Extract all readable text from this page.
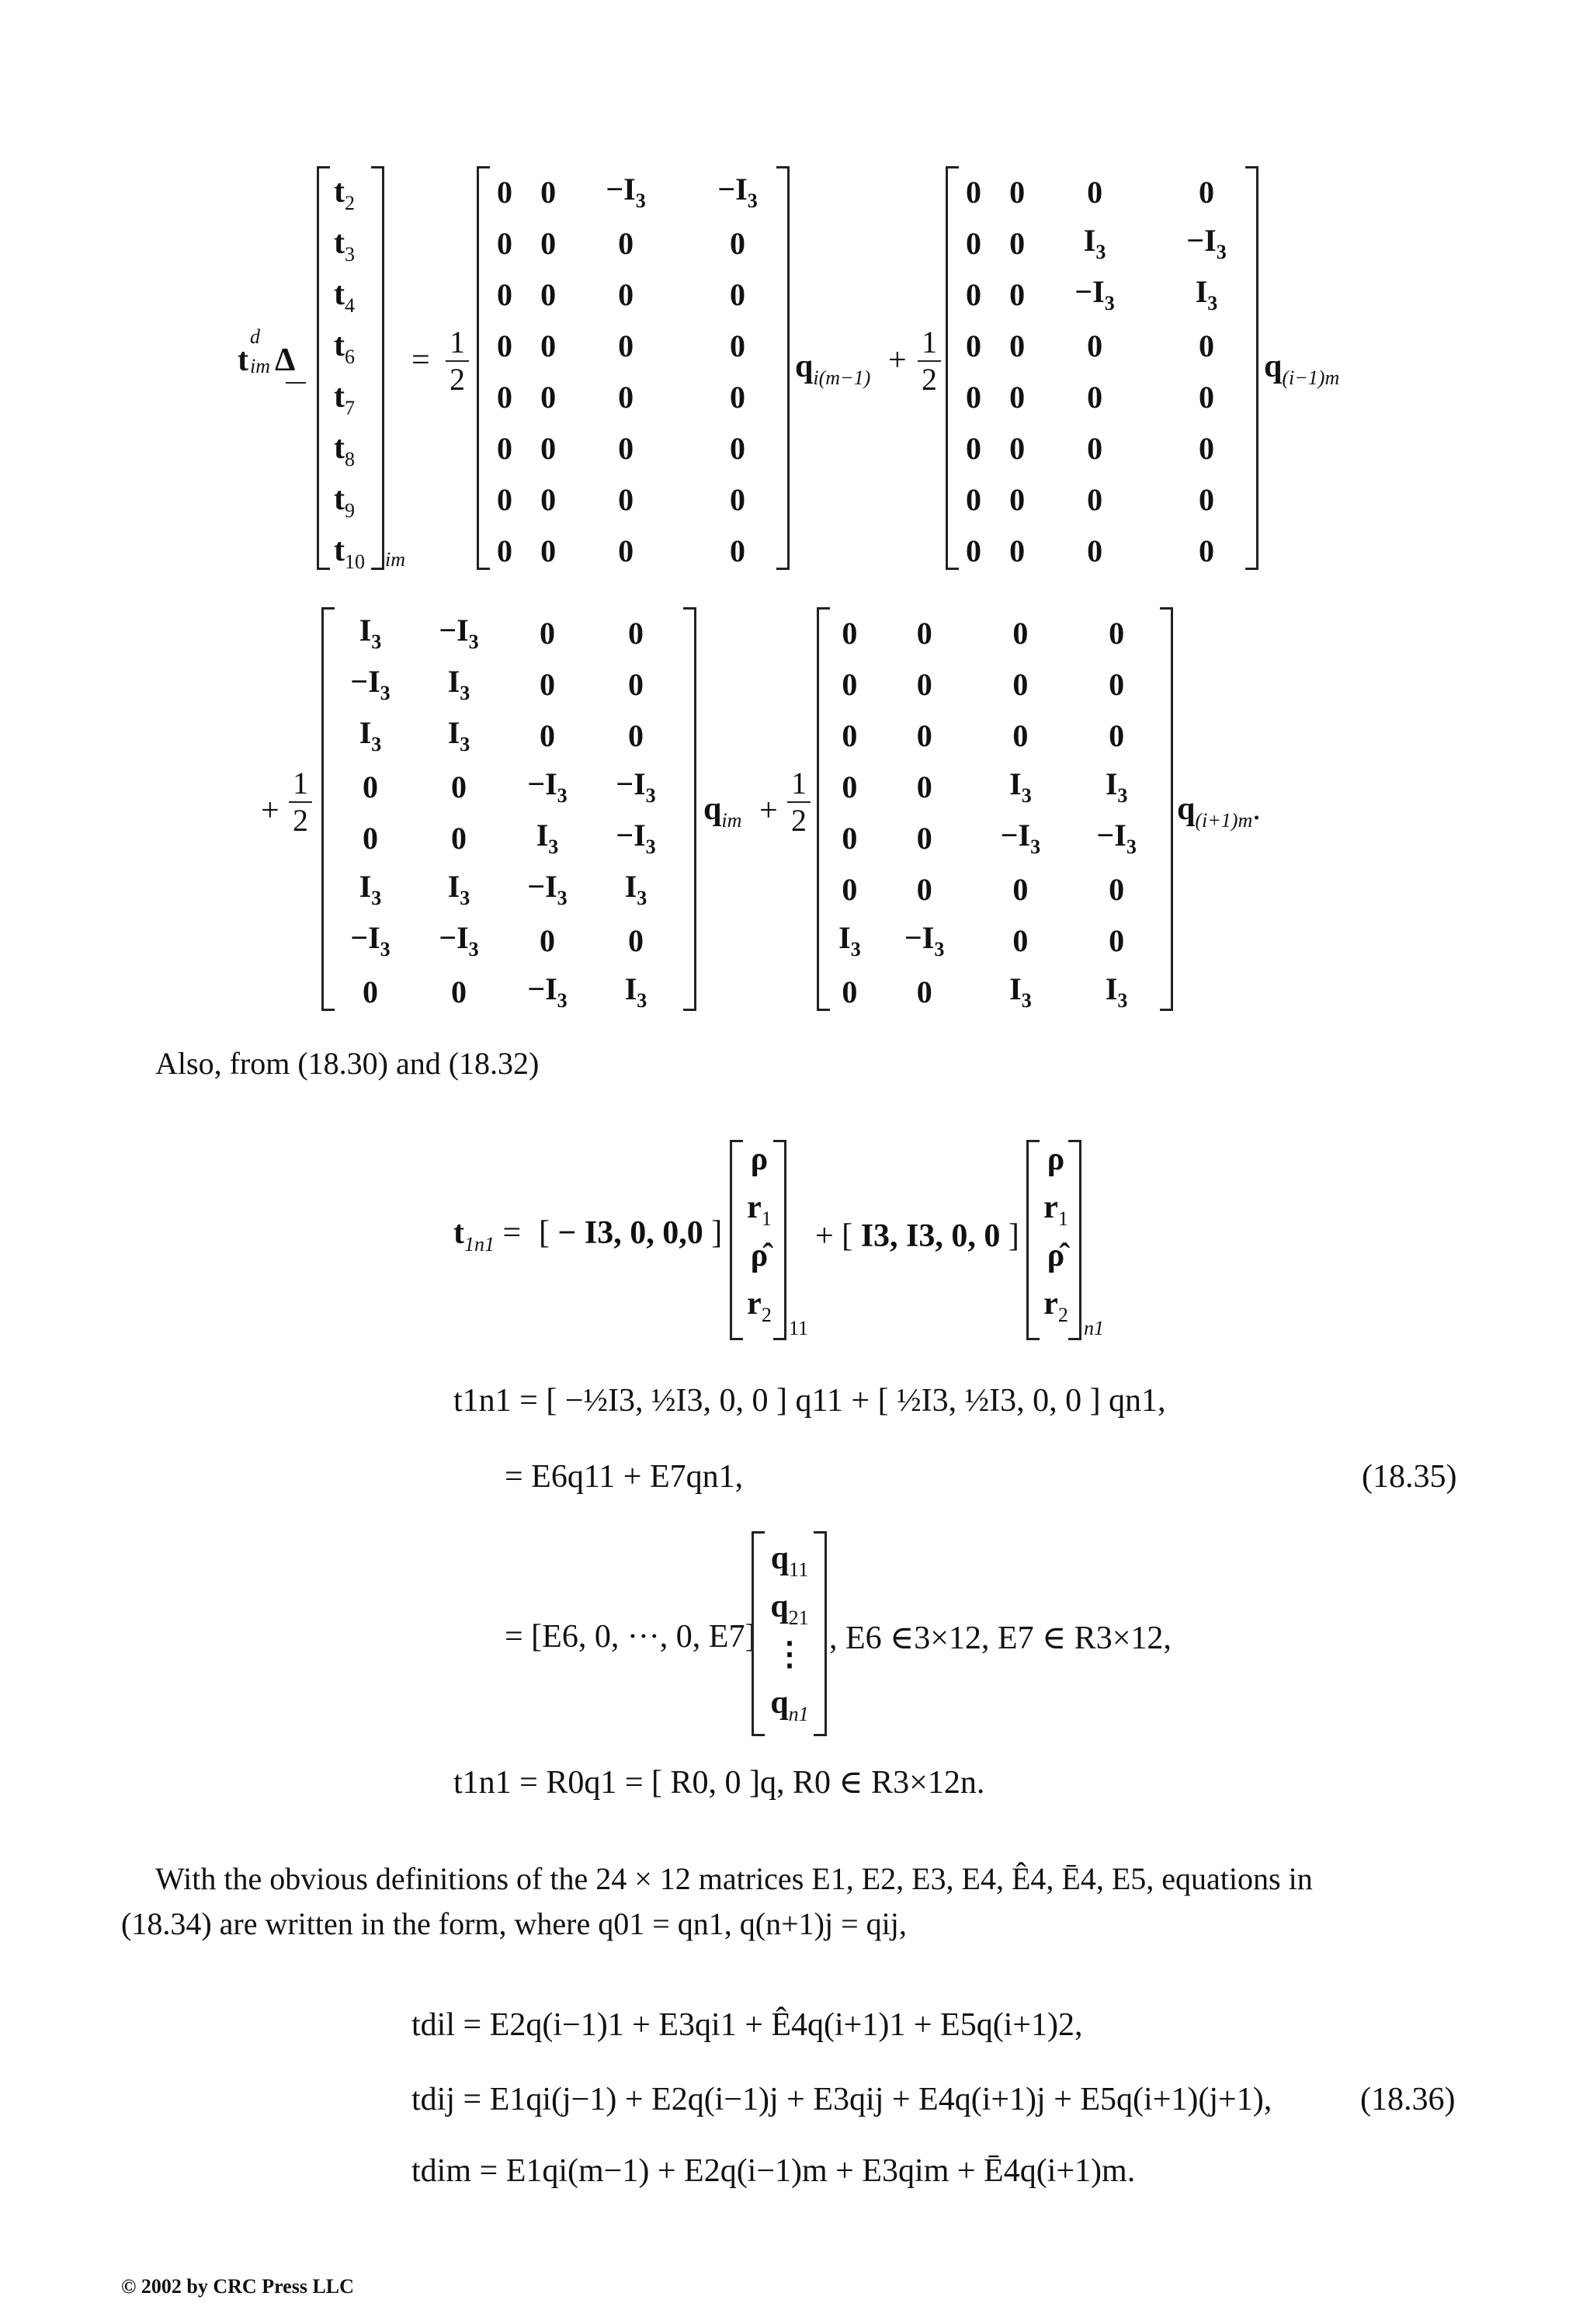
t
d
im Δ
$t_2$
$t_3$
$t_4$
$t_6$
$t_7$
$t_8$
$t_9$
$t_{10}$	im
= $\frac{1}{2}$
0	0	$-I_3$	$-I_3$
0	0	0	0
0	0	0	0
0	0	0	0
0	0	0	0
0	0	0	0
0	0	0	0
0	0	0	0
$q_{i(m-1)} + \frac{1}{2}$
0	0	0	0
0	0	$I_3$	$-I_3$
0	0	$-I_3$	$I_3$
0	0	0	0
0	0	0	0
0	0	0	0
0	0	0	0
0	0	0	0
$q_{(i-1)m}$
+ $\frac{1}{2}$
$I_3$	$-I_3$	0	0
$-I_3$	$I_3$	0	0
$I_3$	$I_3$	0	0
0	0	$-I_3$	$-I_3$
0	0	$I_3$	$-I_3$
$I_3$	$I_3$	$-I_3$	$I_3$
$-I_3$	$-I_3$	0	0
0	0	$-I_3$	$I_3$
$q_{im} + \frac{1}{2}$
0	0	0	0
0	0	0	0
0	0	0	0
0	0	$I_3$	$I_3$
0	0	$-I_3$	$-I_3$
0	0	0	0
$I_3$	$-I_3$	0	0
0	0	$I_3$	$I_3$
$q_{(i+1)m}$.
Also, from (18.30) and (18.32)
$t_{1n1}$ = [ − I3, 0, 0,0 ]
ρ
$r_1$
ρ̂
$r_2$
11
+ [ I3, I3, 0, 0 ]
ρ
$r_1$
ρ̂
$r_2$
n1
t1n1 = [ −½I3, ½I3, 0, 0 ] q11 + [ ½I3, ½I3, 0, 0 ] qn1,
= E6q11 + E7qn1,	(18.35)
= [E6, 0, ···, 0, E7]
$q_{11}$
$q_{21}$
⋮
$q_{n1}$
, E6 ∈3×12, E7 ∈ R3×12,
t1n1 = R0q1 = [ R0, 0 ]q, R0 ∈ R3×12n.
With the obvious definitions of the 24 × 12 matrices E1, E2, E3, E4, Ê4, Ē4, E5, equations in
(18.34) are written in the form, where q01 = qn1, q(n+1)j = qij,
tdil = E2q(i−1)1 + E3qi1 + Ê4q(i+1)1 + E5q(i+1)2,
tdij = E1qi(j−1) + E2q(i−1)j + E3qij + E4q(i+1)j + E5q(i+1)(j+1),	(18.36)
tdim = E1qi(m−1) + E2q(i−1)m + E3qim + Ē4q(i+1)m.
© 2002 by CRC Press LLC
